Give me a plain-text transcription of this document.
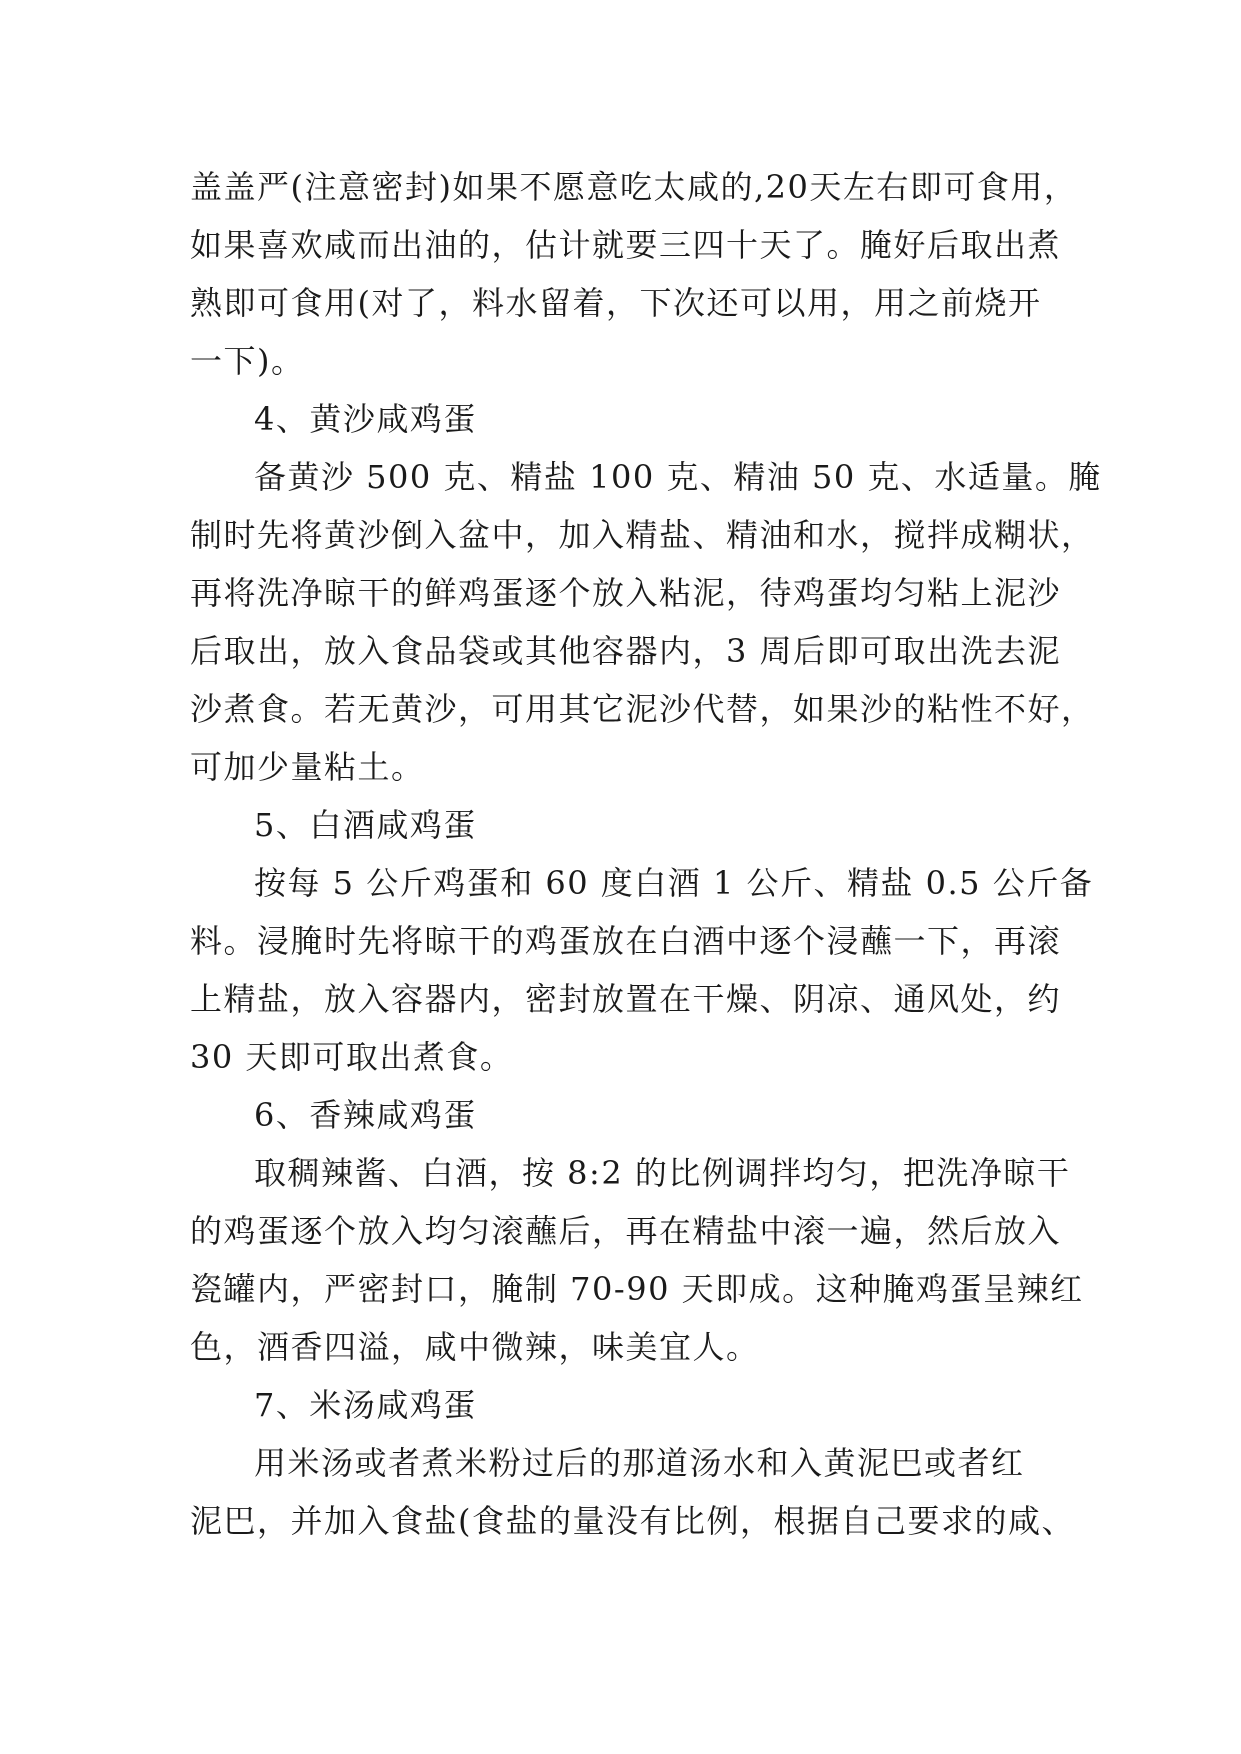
盖盖严(注意密封)如果不愿意吃太咸的,20天左右即可食用，
如果喜欢咸而出油的，估计就要三四十天了。腌好后取出煮
熟即可食用(对了，料水留着，下次还可以用，用之前烧开
一下)。
4、黄沙咸鸡蛋
备黄沙 500 克、精盐 100 克、精油 50 克、水适量。腌
制时先将黄沙倒入盆中，加入精盐、精油和水，搅拌成糊状，
再将洗净晾干的鲜鸡蛋逐个放入粘泥，待鸡蛋均匀粘上泥沙
后取出，放入食品袋或其他容器内，3 周后即可取出洗去泥
沙煮食。若无黄沙，可用其它泥沙代替，如果沙的粘性不好，
可加少量粘土。
5、白酒咸鸡蛋
按每 5 公斤鸡蛋和 60 度白酒 1 公斤、精盐 0.5 公斤备
料。浸腌时先将晾干的鸡蛋放在白酒中逐个浸蘸一下，再滚
上精盐，放入容器内，密封放置在干燥、阴凉、通风处，约
30 天即可取出煮食。
6、香辣咸鸡蛋
取稠辣酱、白酒，按 8:2 的比例调拌均匀，把洗净晾干
的鸡蛋逐个放入均匀滚蘸后，再在精盐中滚一遍，然后放入
瓷罐内，严密封口，腌制 70-90 天即成。这种腌鸡蛋呈辣红
色，酒香四溢，咸中微辣，味美宜人。
7、米汤咸鸡蛋
用米汤或者煮米粉过后的那道汤水和入黄泥巴或者红
泥巴，并加入食盐(食盐的量没有比例，根据自己要求的咸、
